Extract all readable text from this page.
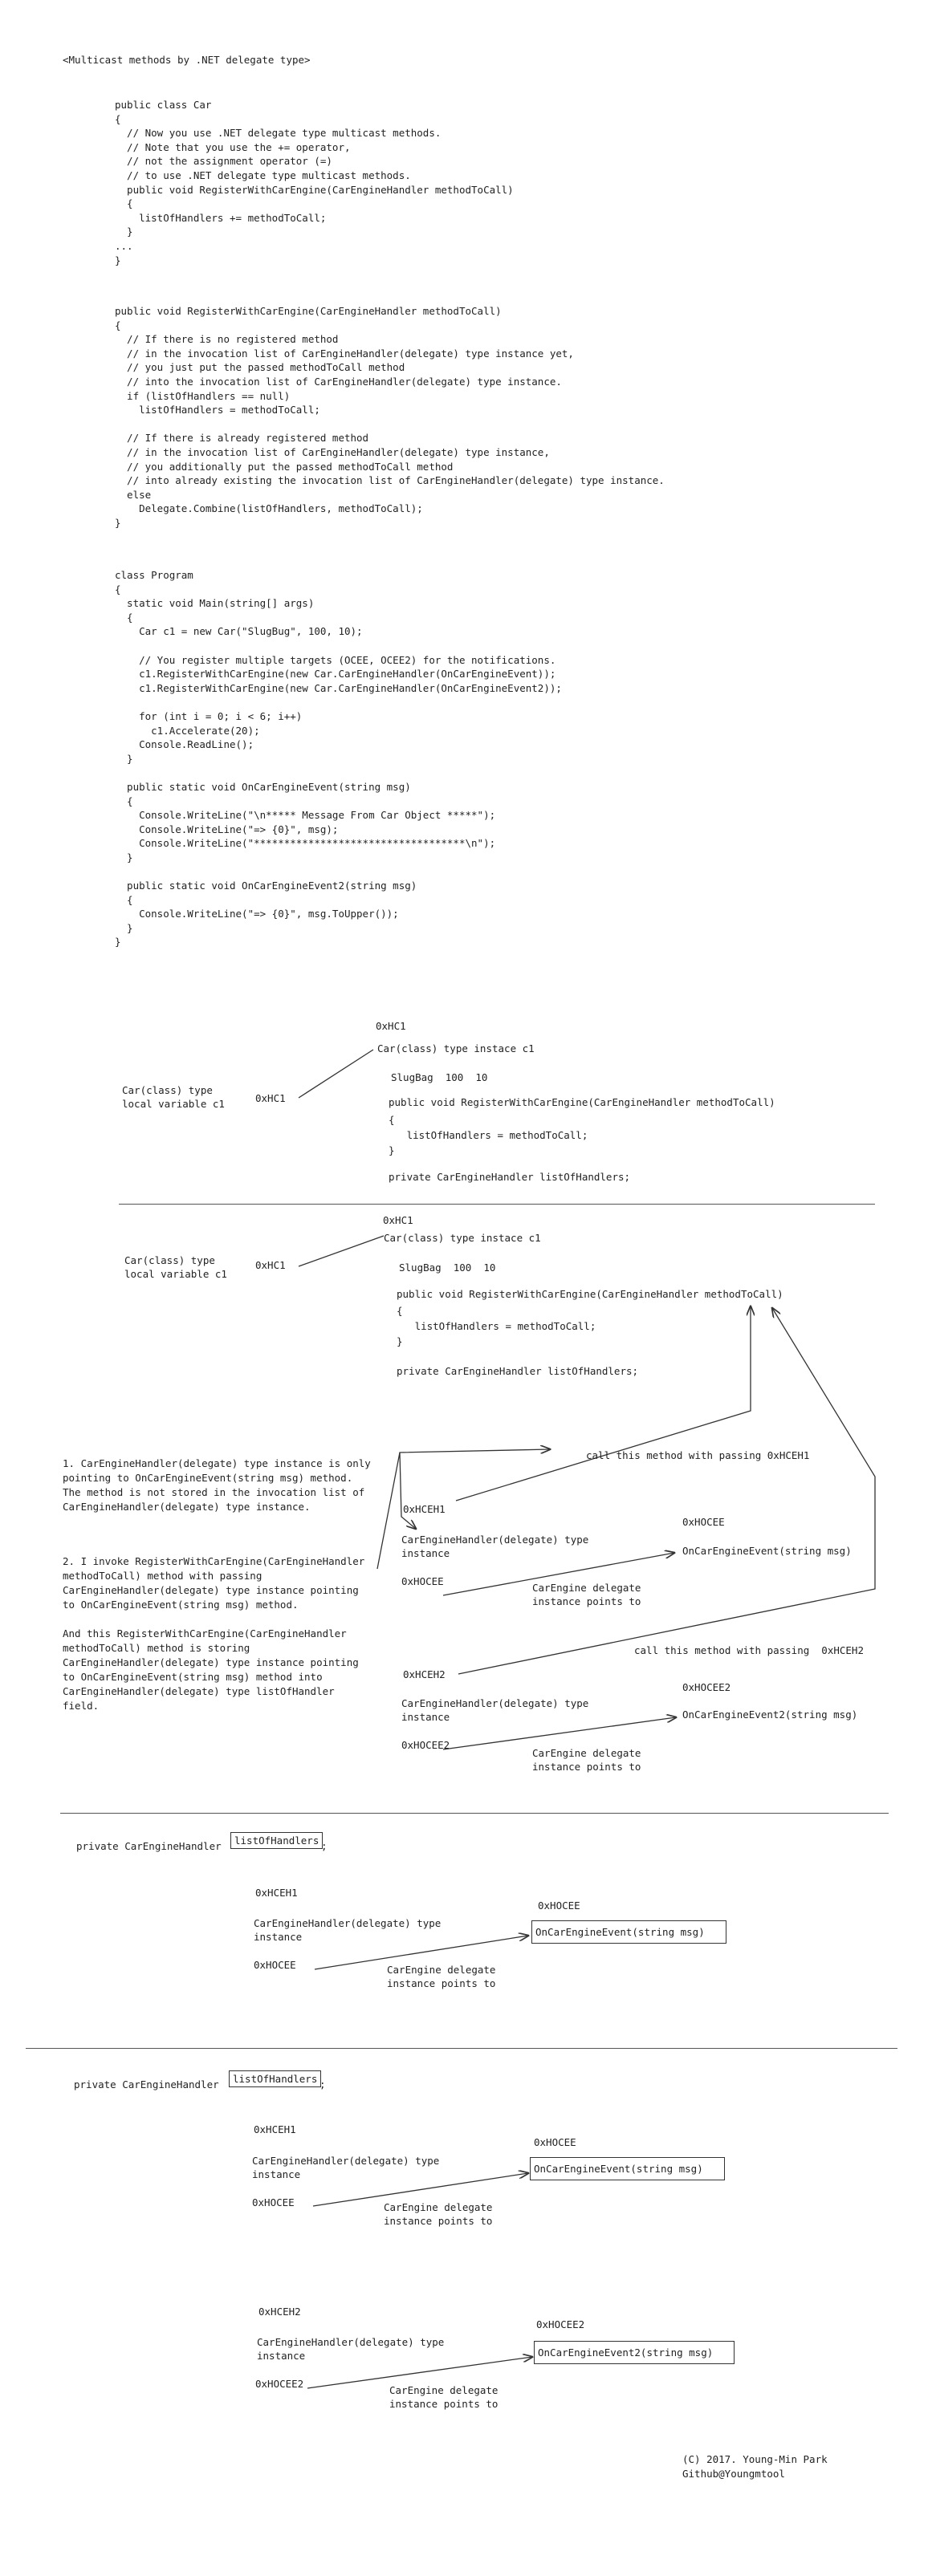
<Multicast methods by .NET delegate type>
public class Car
{
// Now you use .NET delegate type multicast methods.
// Note that you use the += operator,
// not the assignment operator (=)
// to use .NET delegate type multicast methods.
public void RegisterWithCarEngine(CarEngineHandler methodToCall)
{
listOfHandlers += methodToCall;
}
...
}
public void RegisterWithCarEngine(CarEngineHandler methodToCall)
{
// If there is no registered method
// in the invocation list of CarEngineHandler(delegate) type instance yet,
// you just put the passed methodToCall method
// into the invocation list of CarEngineHandler(delegate) type instance.
if (listOfHandlers == null)
listOfHandlers = methodToCall;

// If there is already registered method
// in the invocation list of CarEngineHandler(delegate) type instance,
// you additionally put the passed methodToCall method
// into already existing the invocation list of CarEngineHandler(delegate) type instance.
else
Delegate.Combine(listOfHandlers, methodToCall);
}
class Program
{
static void Main(string[] args)
{
Car c1 = new Car("SlugBug", 100, 10);

// You register multiple targets (OCEE, OCEE2) for the notifications.
c1.RegisterWithCarEngine(new Car.CarEngineHandler(OnCarEngineEvent));
c1.RegisterWithCarEngine(new Car.CarEngineHandler(OnCarEngineEvent2));

for (int i = 0; i < 6; i++)
c1.Accelerate(20);
Console.ReadLine();
}

public static void OnCarEngineEvent(string msg)
{
Console.WriteLine("\n***** Message From Car Object *****");
Console.WriteLine("=> {0}", msg);
Console.WriteLine("***********************************\n");
}

public static void OnCarEngineEvent2(string msg)
{
Console.WriteLine("=> {0}", msg.ToUpper());
}
}
Car(class) type
local variable c1	0xHC1
0xHC1
Car(class) type instace c1
SlugBag  100  10
public void RegisterWithCarEngine(CarEngineHandler methodToCall)
{
listOfHandlers = methodToCall;
}
private CarEngineHandler listOfHandlers;
0xHC1
Car(class) type instace c1
Car(class) type
local variable c1
0xHC1	SlugBag  100  10
public void RegisterWithCarEngine(CarEngineHandler methodToCall)
{
listOfHandlers = methodToCall;
}
private CarEngineHandler listOfHandlers;
1. CarEngineHandler(delegate) type instance is only
pointing to OnCarEngineEvent(string msg) method.
The method is not stored in the invocation list of
CarEngineHandler(delegate) type instance.
2. I invoke RegisterWithCarEngine(CarEngineHandler
methodToCall) method with passing
CarEngineHandler(delegate) type instance pointing
to OnCarEngineEvent(string msg) method.

And this RegisterWithCarEngine(CarEngineHandler
methodToCall) method is storing
CarEngineHandler(delegate) type instance pointing
to OnCarEngineEvent(string msg) method into
CarEngineHandler(delegate) type listOfHandler
field.
call this method with passing 0xHCEH1
0xHCEH1
CarEngineHandler(delegate) type
instance
0xHOCEE
0xHOCEE
OnCarEngineEvent(string msg)
CarEngine delegate
instance points to
call this method with passing  0xHCEH2
0xHCEH2
CarEngineHandler(delegate) type
instance
0xHOCEE2
0xHOCEE2
OnCarEngineEvent2(string msg)
CarEngine delegate
instance points to
private CarEngineHandler	listOfHandlers ;
0xHCEH1
CarEngineHandler(delegate) type
instance
0xHOCEE
0xHOCEE
OnCarEngineEvent(string msg)
CarEngine delegate
instance points to
private CarEngineHandler	listOfHandlers ;
0xHCEH1
CarEngineHandler(delegate) type
instance
0xHOCEE
0xHOCEE
OnCarEngineEvent(string msg)
CarEngine delegate
instance points to
0xHCEH2
CarEngineHandler(delegate) type
instance
0xHOCEE2
0xHOCEE2
OnCarEngineEvent2(string msg)
CarEngine delegate
instance points to
(C) 2017. Young-Min Park
Github@Youngmtool
